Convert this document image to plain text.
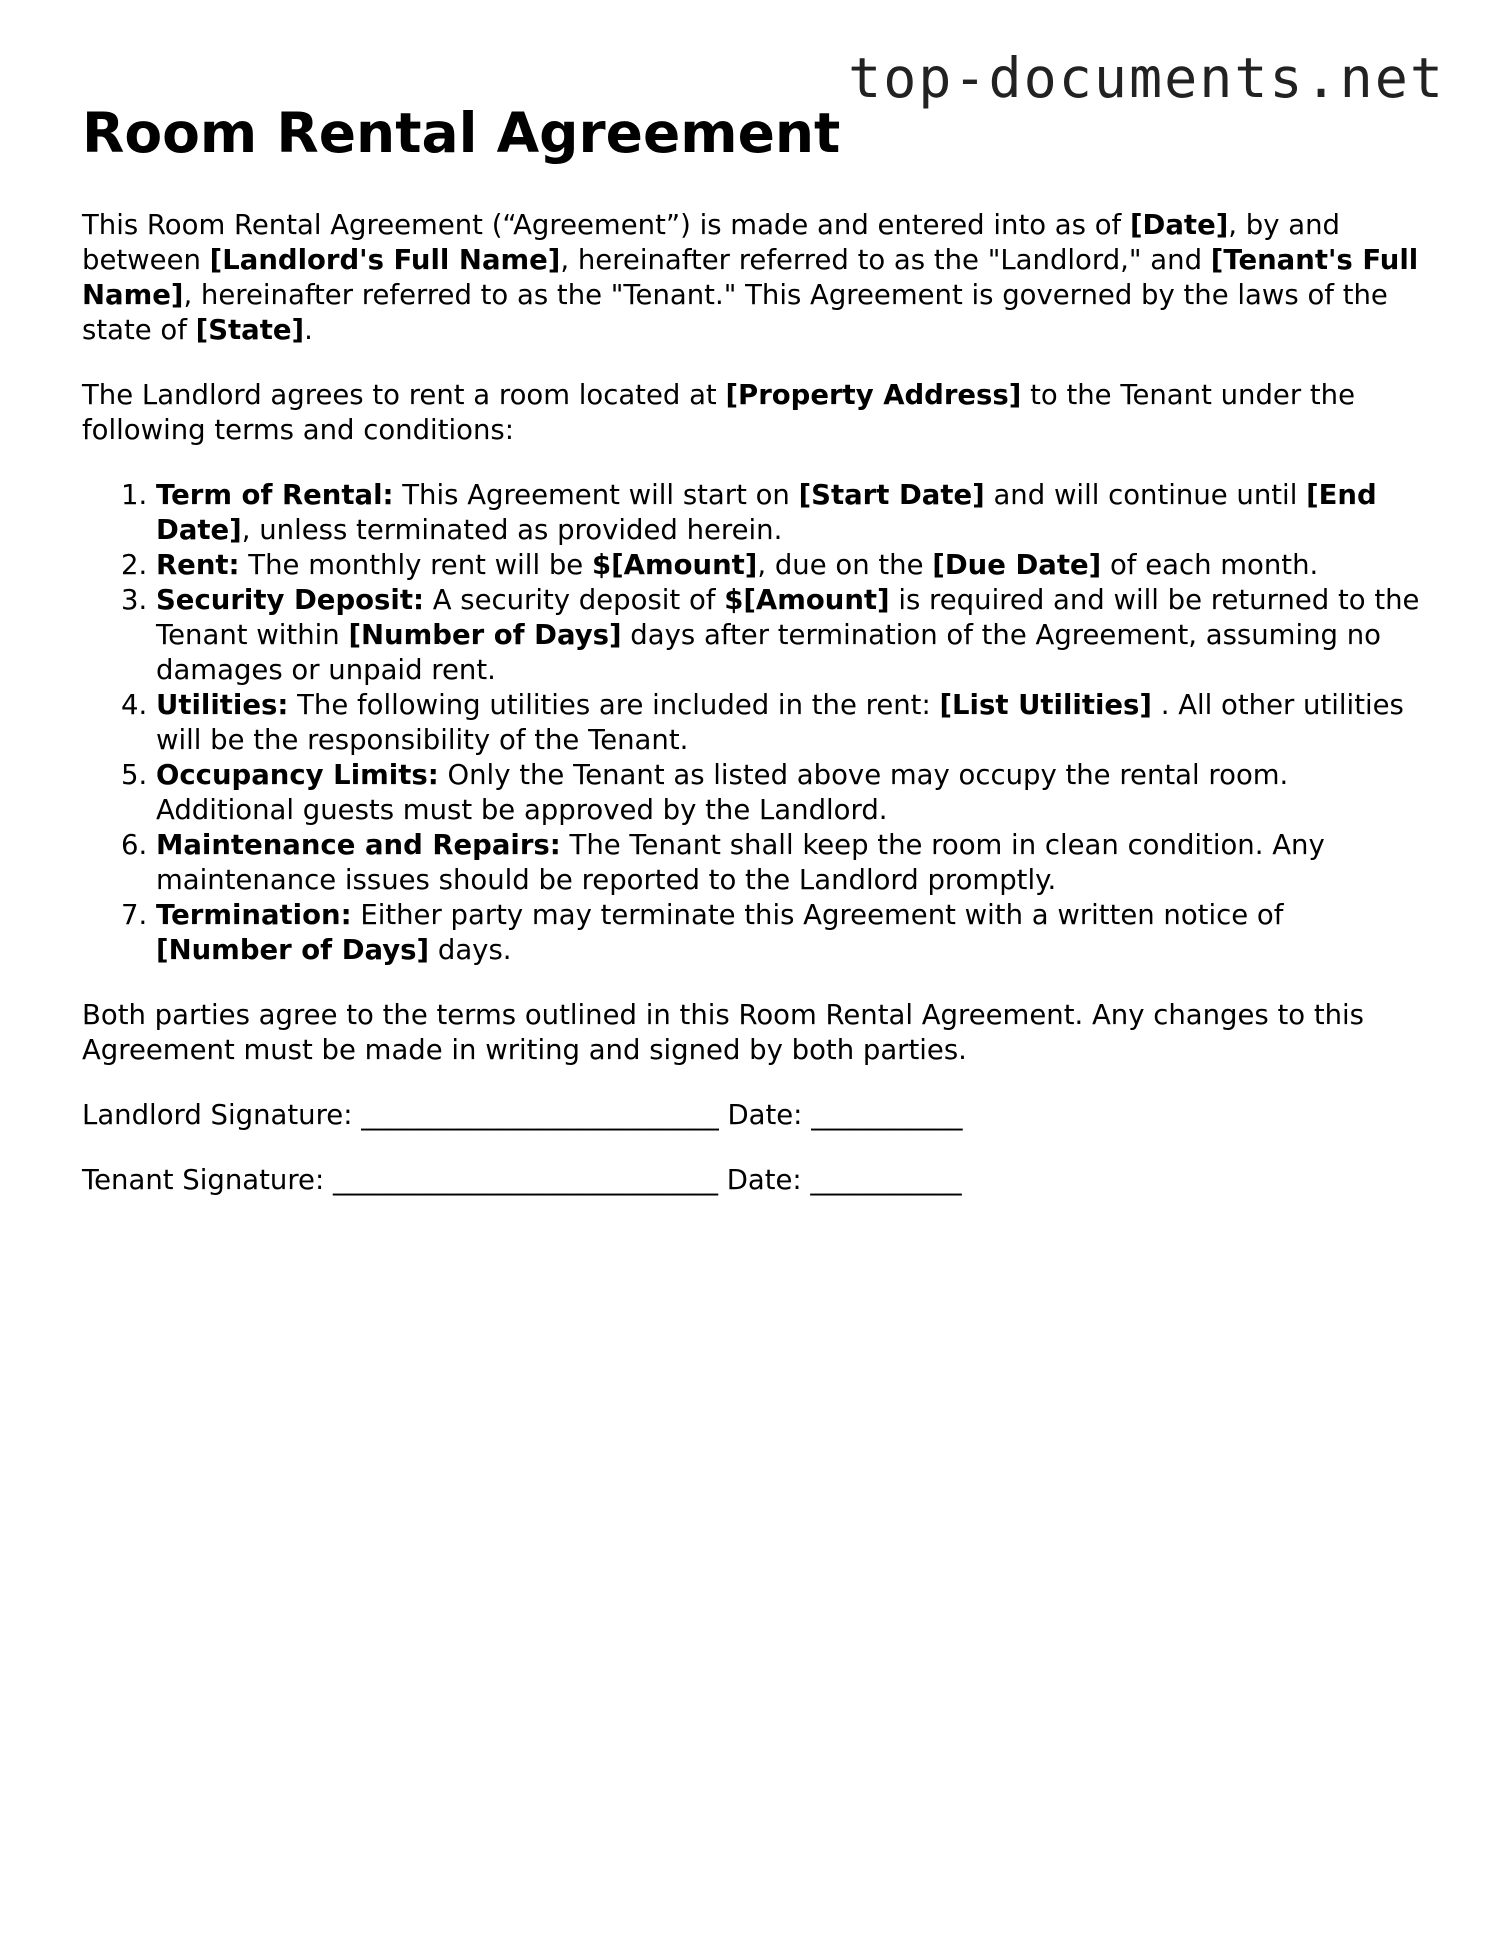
top-documents.net
Room Rental Agreement

This Room Rental Agreement (“Agreement”) is made and entered into as of [Date], by and between [Landlord's Full Name], hereinafter referred to as the "Landlord," and [Tenant's Full Name], hereinafter referred to as the "Tenant." This Agreement is governed by the laws of the state of [State].

The Landlord agrees to rent a room located at [Property Address] to the Tenant under the following terms and conditions:

1. Term of Rental: This Agreement will start on [Start Date] and will continue until [End Date], unless terminated as provided herein.
2. Rent: The monthly rent will be $[Amount], due on the [Due Date] of each month.
3. Security Deposit: A security deposit of $[Amount] is required and will be returned to the Tenant within [Number of Days] days after termination of the Agreement, assuming no damages or unpaid rent.
4. Utilities: The following utilities are included in the rent: [List Utilities] . All other utilities will be the responsibility of the Tenant.
5. Occupancy Limits: Only the Tenant as listed above may occupy the rental room. Additional guests must be approved by the Landlord.
6. Maintenance and Repairs: The Tenant shall keep the room in clean condition. Any maintenance issues should be reported to the Landlord promptly.
7. Termination: Either party may terminate this Agreement with a written notice of [Number of Days] days.

Both parties agree to the terms outlined in this Room Rental Agreement. Any changes to this Agreement must be made in writing and signed by both parties.

Landlord Signature: __________________________ Date: ___________

Tenant Signature: ____________________________ Date: ___________
